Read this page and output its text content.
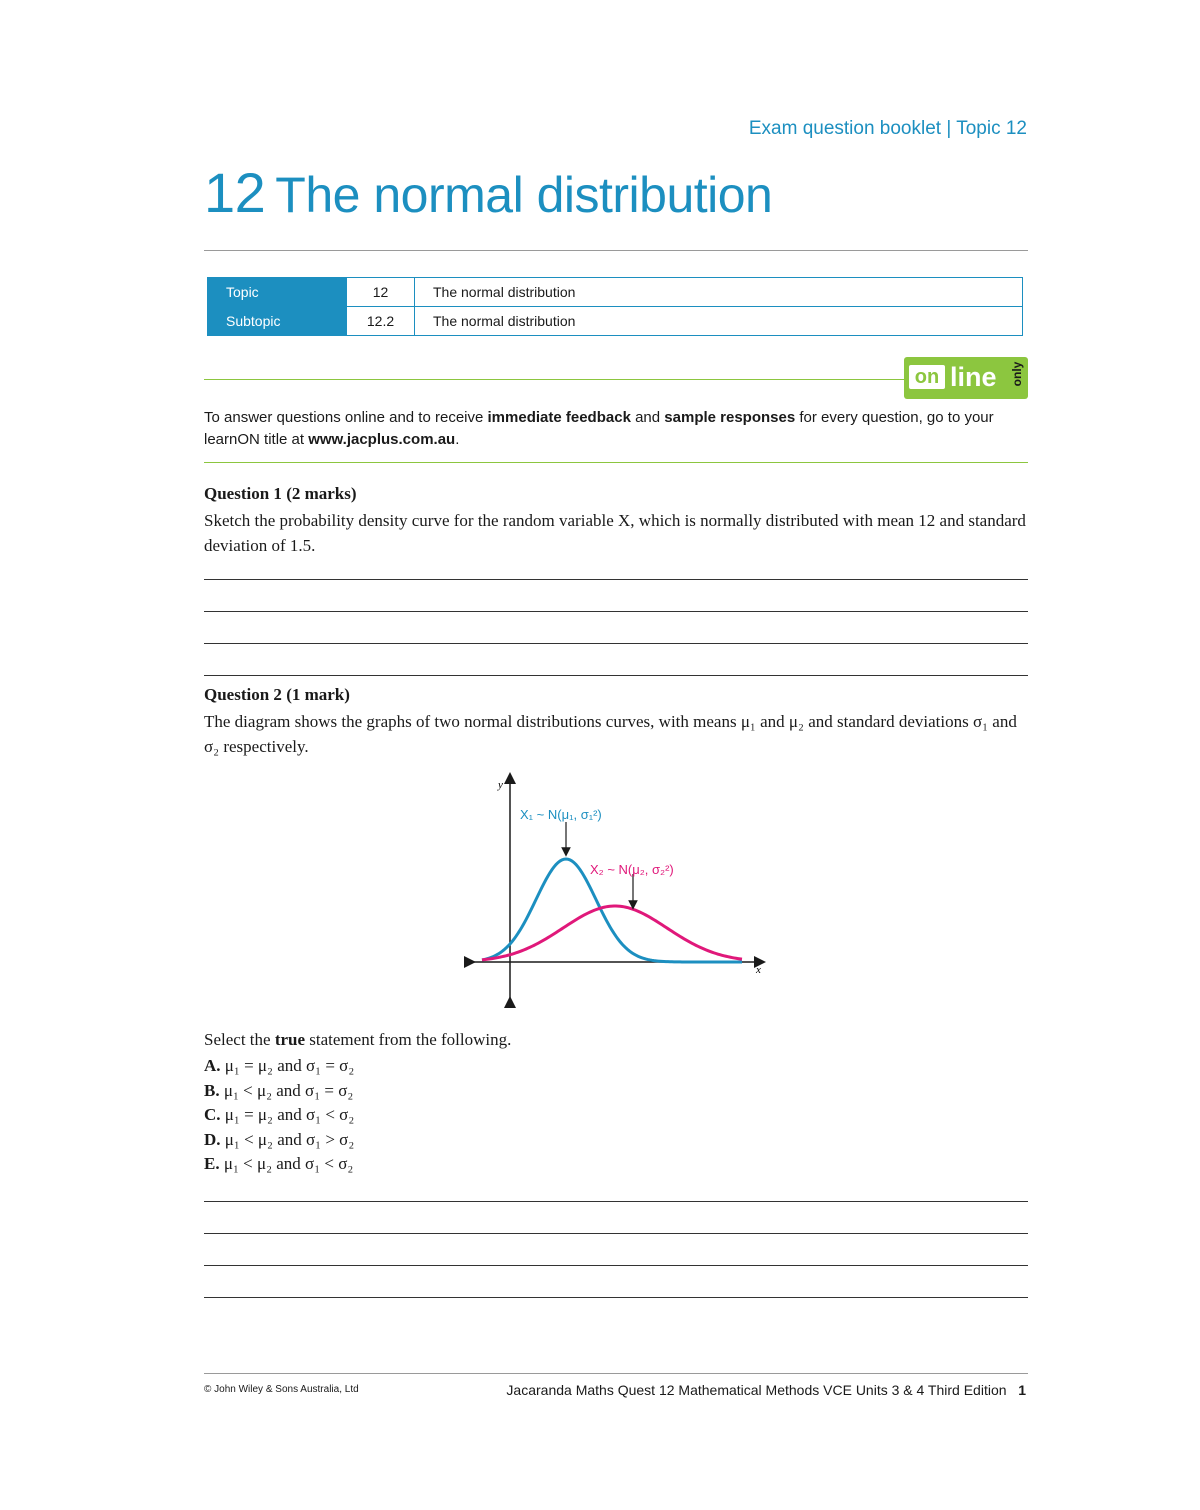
Exam question booklet | Topic 12
12 The normal distribution
Topic	12	The normal distribution
Subtopic	12.2	The normal distribution
on line only
To answer questions online and to receive immediate feedback and sample responses for every question, go to your learnON title at www.jacplus.com.au.
Question 1 (2 marks)
Sketch the probability density curve for the random variable X, which is normally distributed with mean 12 and standard deviation of 1.5.
Question 2 (1 mark)
The diagram shows the graphs of two normal distributions curves, with means μ₁ and μ₂ and standard deviations σ₁ and σ₂ respectively.
y
x
X₁ ~ N(μ₁, σ₁²)
X₂ ~ N(μ₂, σ₂²)
Select the true statement from the following.
A. μ₁ = μ₂ and σ₁ = σ₂
B. μ₁ < μ₂ and σ₁ = σ₂
C. μ₁ = μ₂ and σ₁ < σ₂
D. μ₁ < μ₂ and σ₁ > σ₂
E. μ₁ < μ₂ and σ₁ < σ₂
© John Wiley & Sons Australia, Ltd	Jacaranda Maths Quest 12 Mathematical Methods VCE Units 3 & 4 Third Edition 1
